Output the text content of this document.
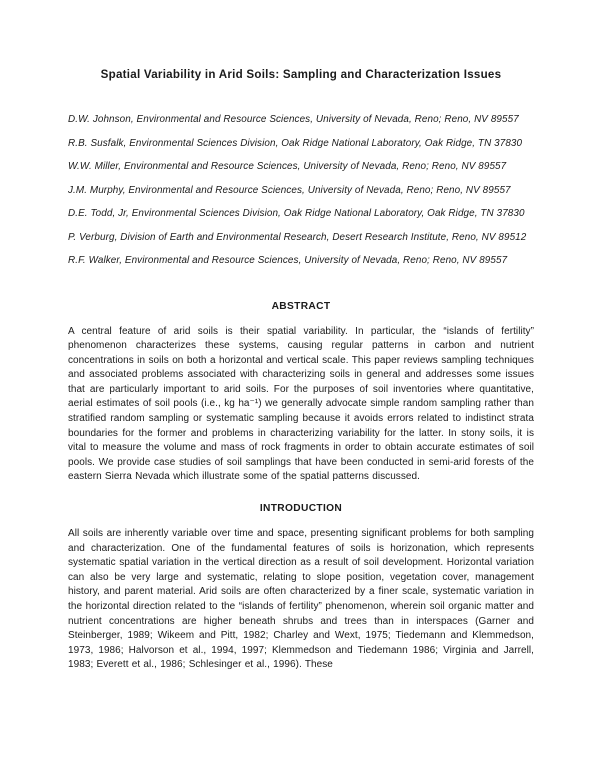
Spatial Variability in Arid Soils: Sampling and Characterization Issues

D.W. Johnson, Environmental and Resource Sciences, University of Nevada, Reno; Reno, NV 89557

R.B. Susfalk, Environmental Sciences Division, Oak Ridge National Laboratory, Oak Ridge, TN 37830

W.W. Miller, Environmental and Resource Sciences, University of Nevada, Reno; Reno, NV 89557

J.M. Murphy, Environmental and Resource Sciences, University of Nevada, Reno; Reno, NV 89557

D.E. Todd, Jr, Environmental Sciences Division, Oak Ridge National Laboratory, Oak Ridge, TN 37830

P. Verburg, Division of Earth and Environmental Research, Desert Research Institute, Reno, NV 89512

R.F. Walker, Environmental and Resource Sciences, University of Nevada, Reno; Reno, NV 89557

ABSTRACT

A central feature of arid soils is their spatial variability. In particular, the “islands of fertility” phenomenon characterizes these systems, causing regular patterns in carbon and nutrient concentrations in soils on both a horizontal and vertical scale. This paper reviews sampling techniques and associated problems associated with characterizing soils in general and addresses some issues that are particularly important to arid soils. For the purposes of soil inventories where quantitative, aerial estimates of soil pools (i.e., kg ha⁻¹) we generally advocate simple random sampling rather than stratified random sampling or systematic sampling because it avoids errors related to indistinct strata boundaries for the former and problems in characterizing variability for the latter. In stony soils, it is vital to measure the volume and mass of rock fragments in order to obtain accurate estimates of soil pools. We provide case studies of soil samplings that have been conducted in semi-arid forests of the eastern Sierra Nevada which illustrate some of the spatial patterns discussed.

INTRODUCTION

All soils are inherently variable over time and space, presenting significant problems for both sampling and characterization. One of the fundamental features of soils is horizonation, which represents systematic spatial variation in the vertical direction as a result of soil development. Horizontal variation can also be very large and systematic, relating to slope position, vegetation cover, management history, and parent material. Arid soils are often characterized by a finer scale, systematic variation in the horizontal direction related to the “islands of fertility” phenomenon, wherein soil organic matter and nutrient concentrations are higher beneath shrubs and trees than in interspaces (Garner and Steinberger, 1989; Wikeem and Pitt, 1982; Charley and Wext, 1975; Tiedemann and Klemmedson, 1973, 1986; Halvorson et al., 1994, 1997; Klemmedson and Tiedemann 1986; Virginia and Jarrell, 1983; Everett et al., 1986; Schlesinger et al., 1996). These
